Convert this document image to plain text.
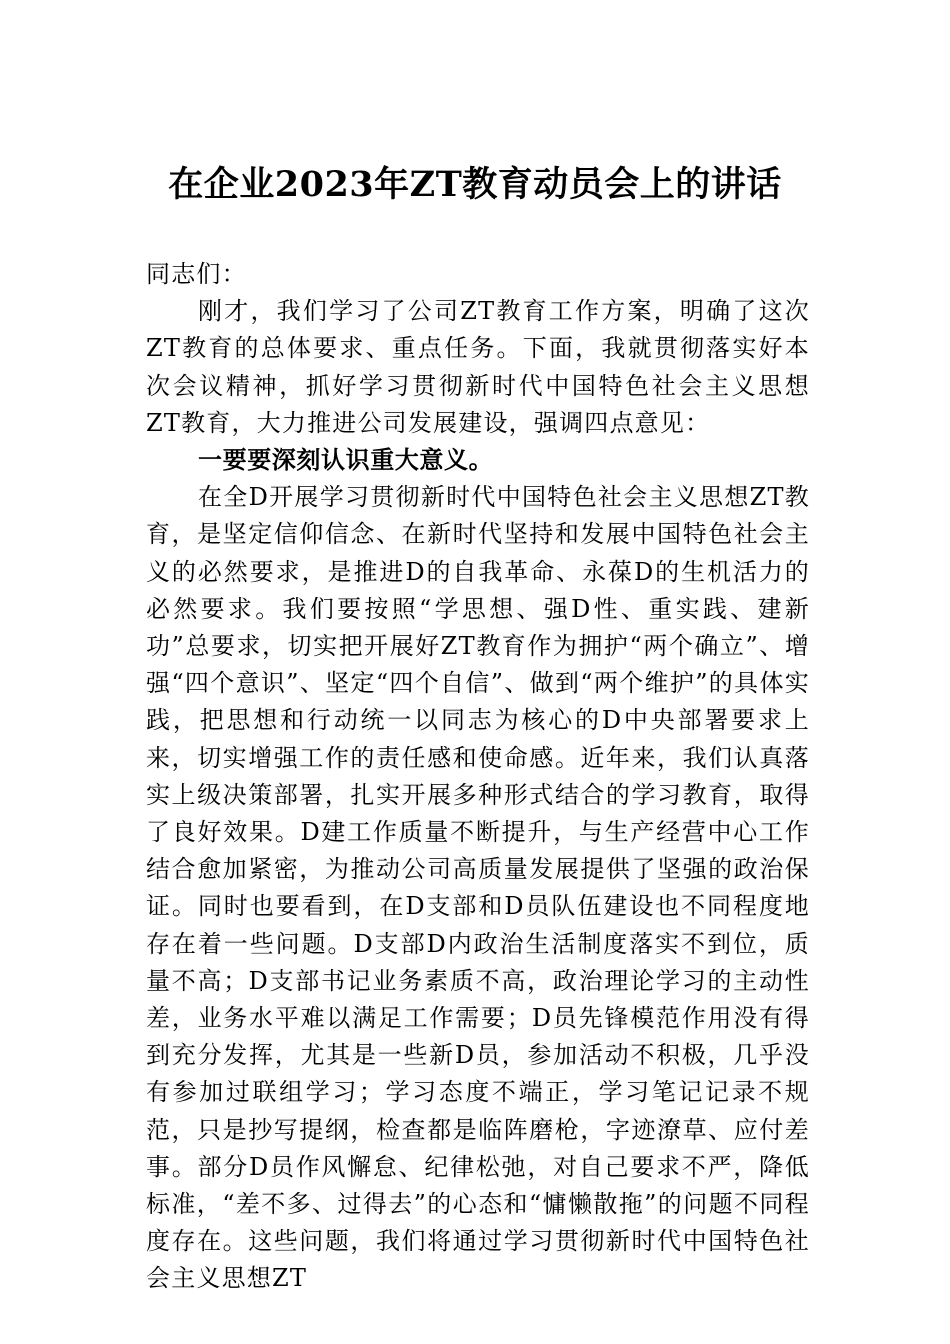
在企业2023年ZT教育动员会上的讲话

同志们：

刚才，我们学习了公司ZT教育工作方案，明确了这次ZT教育的总体要求、重点任务。下面，我就贯彻落实好本次会议精神，抓好学习贯彻新时代中国特色社会主义思想ZT教育，大力推进公司发展建设，强调四点意见：

一要要深刻认识重大意义。

在全D开展学习贯彻新时代中国特色社会主义思想ZT教育，是坚定信仰信念、在新时代坚持和发展中国特色社会主义的必然要求，是推进D的自我革命、永葆D的生机活力的必然要求。我们要按照“学思想、强D性、重实践、建新功”总要求，切实把开展好ZT教育作为拥护“两个确立”、增强“四个意识”、坚定“四个自信”、做到“两个维护”的具体实践，把思想和行动统一以同志为核心的D中央部署要求上来，切实增强工作的责任感和使命感。近年来，我们认真落实上级决策部署，扎实开展多种形式结合的学习教育，取得了良好效果。D建工作质量不断提升，与生产经营中心工作结合愈加紧密，为推动公司高质量发展提供了坚强的政治保证。同时也要看到，在D支部和D员队伍建设也不同程度地存在着一些问题。D支部D内政治生活制度落实不到位，质量不高；D支部书记业务素质不高，政治理论学习的主动性差，业务水平难以满足工作需要；D员先锋模范作用没有得到充分发挥，尤其是一些新D员，参加活动不积极，几乎没有参加过联组学习；学习态度不端正，学习笔记记录不规范，只是抄写提纲，检查都是临阵磨枪，字迹潦草、应付差事。部分D员作风懈怠、纪律松弛，对自己要求不严，降低标准，“差不多、过得去”的心态和“慵懒散拖”的问题不同程度存在。这些问题，我们将通过学习贯彻新时代中国特色社会主义思想ZT
